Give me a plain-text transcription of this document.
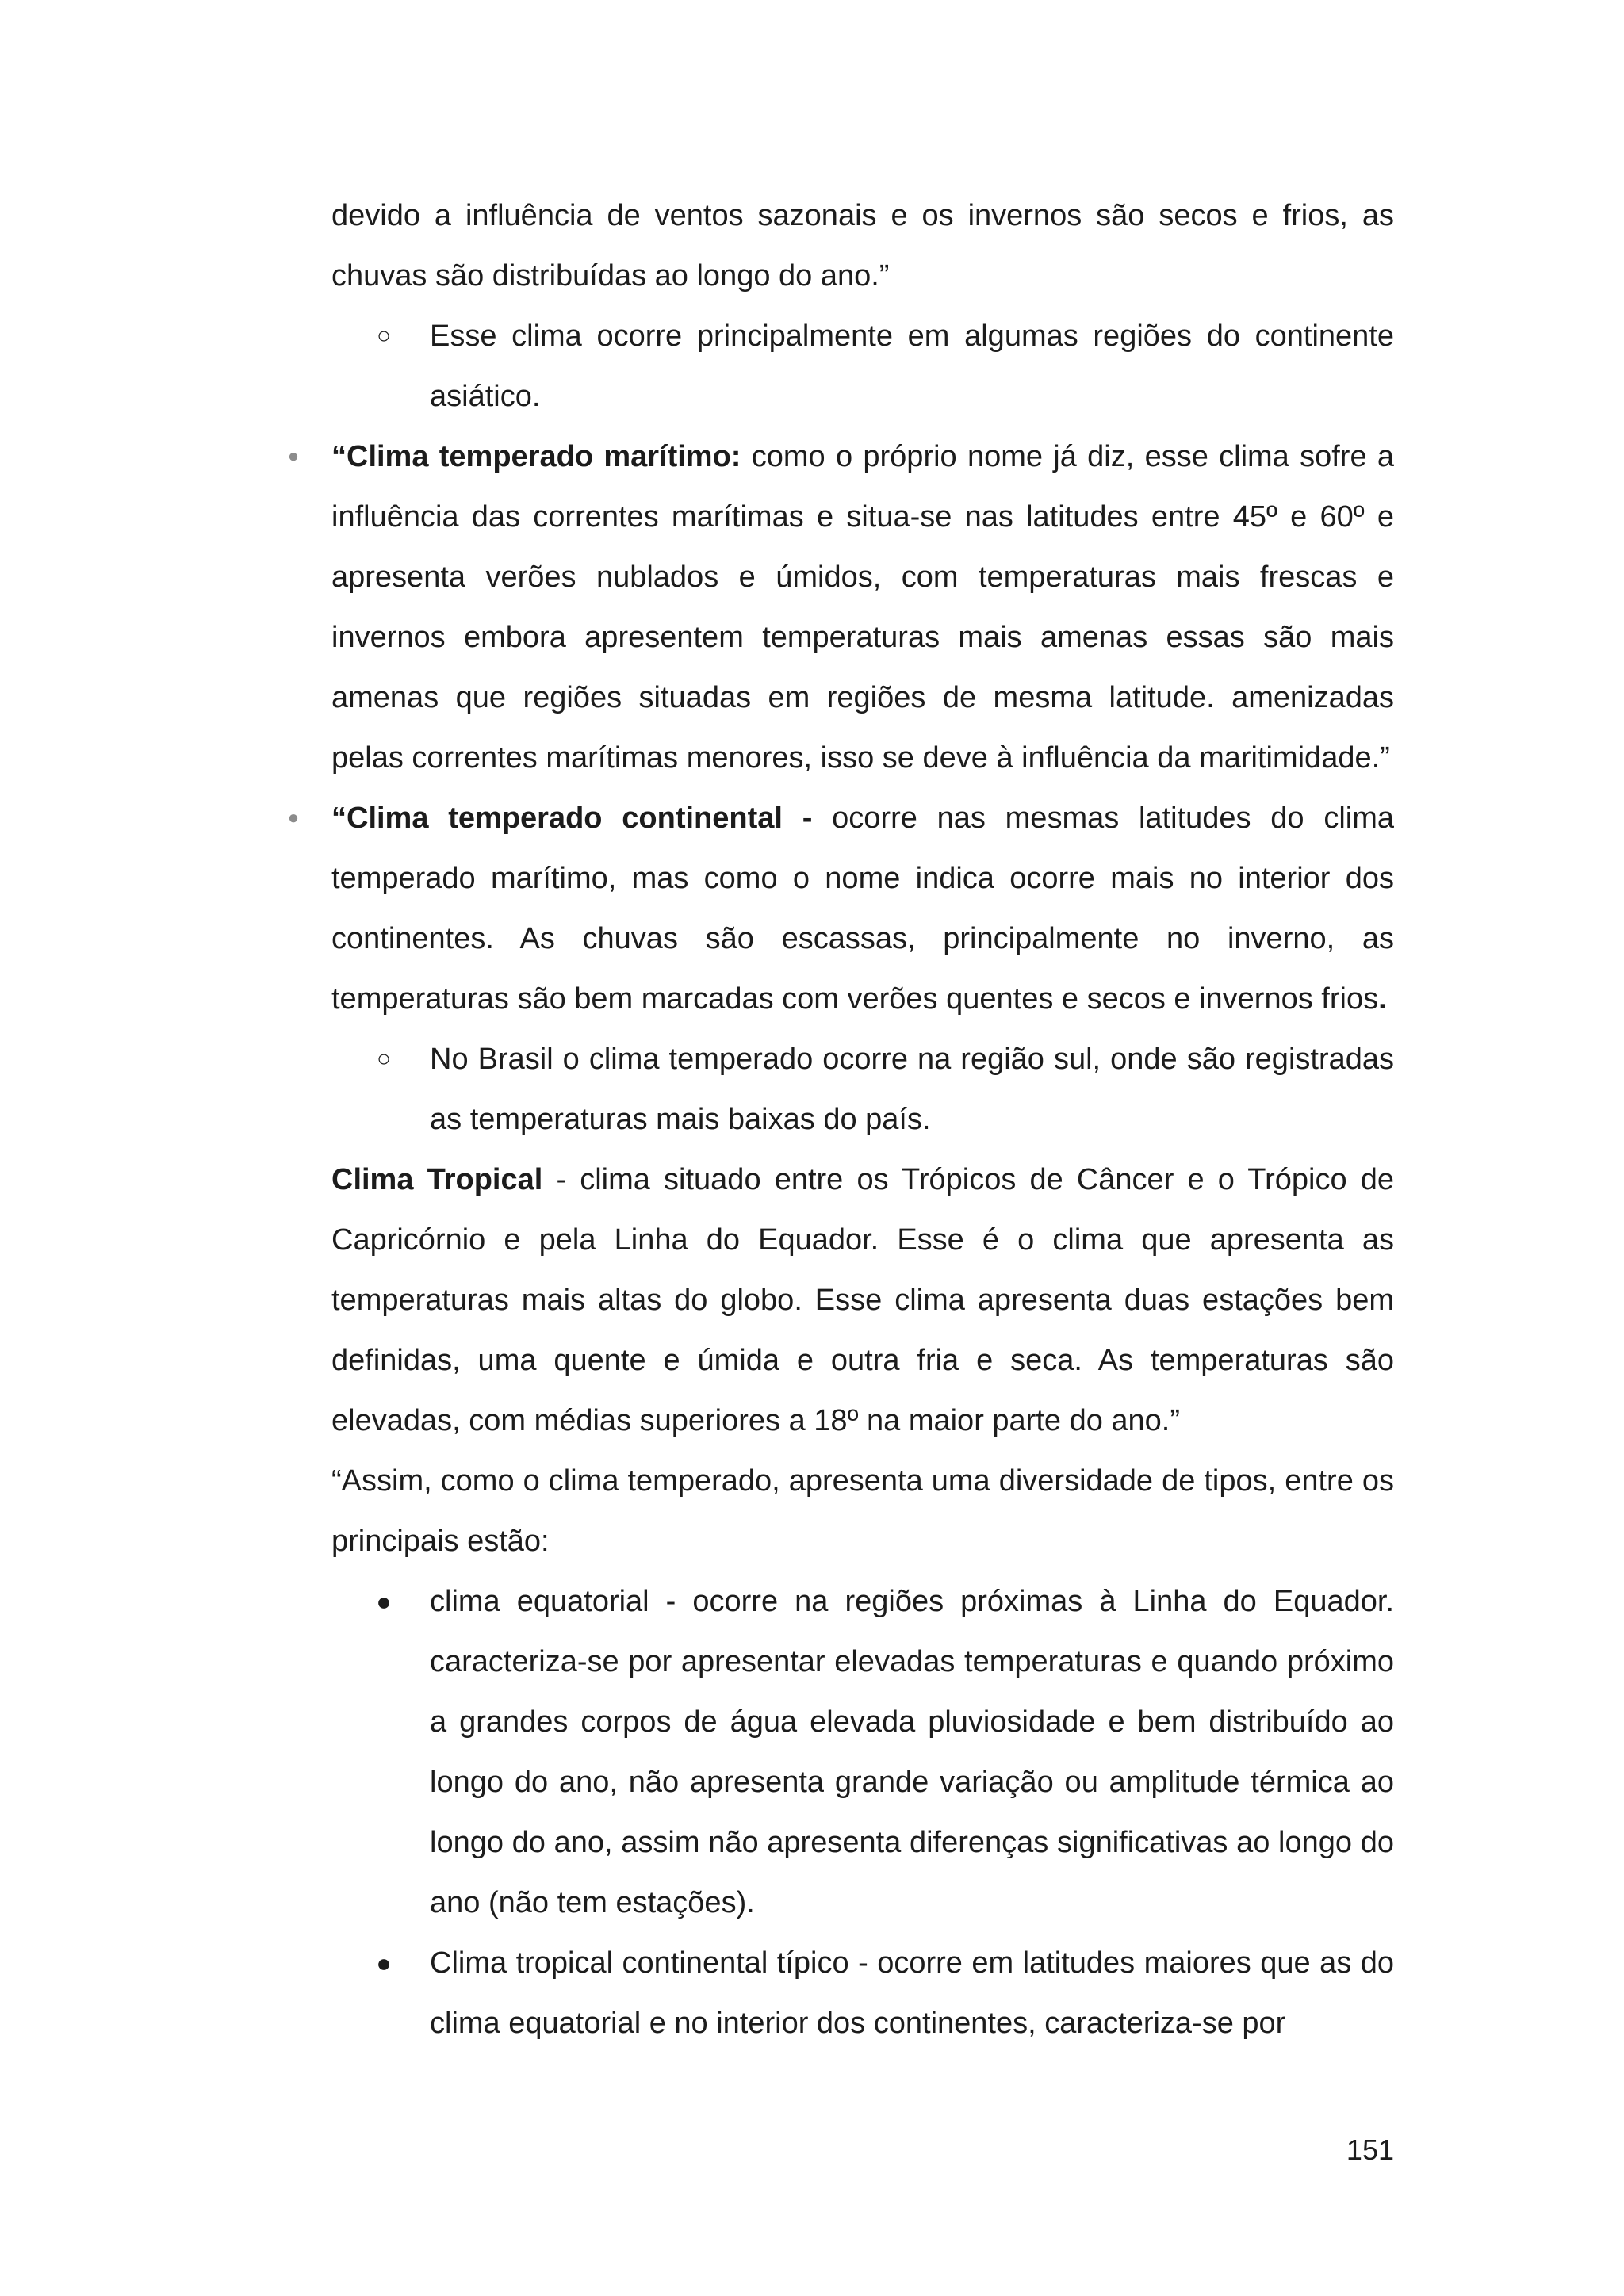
devido a influência de ventos sazonais e os invernos são secos e frios, as chuvas são distribuídas ao longo do ano.”

○ Esse clima ocorre principalmente em algumas regiões do continente asiático.

●	“Clima temperado marítimo: como o próprio nome já diz, esse clima sofre a influência das correntes marítimas e situa-se nas latitudes entre 45º e 60º e apresenta verões nublados e úmidos, com temperaturas mais frescas e invernos embora apresentem temperaturas mais amenas essas são mais amenas que regiões situadas em regiões de mesma latitude. amenizadas pelas correntes marítimas menores, isso se deve à influência da maritimidade.”

●	“Clima temperado continental - ocorre nas mesmas latitudes do clima temperado marítimo, mas como o nome indica ocorre mais no interior dos continentes. As chuvas são escassas, principalmente no inverno, as temperaturas são bem marcadas com verões quentes e secos e invernos frios.

○ No Brasil o clima temperado ocorre na região sul, onde são registradas as temperaturas mais baixas do país.

Clima Tropical - clima situado entre os Trópicos de Câncer e o Trópico de Capricórnio e pela Linha do Equador. Esse é o clima que apresenta as temperaturas mais altas do globo. Esse clima apresenta duas estações bem definidas, uma quente e úmida e outra fria e seca. As temperaturas são elevadas, com médias superiores a 18º na maior parte do ano.”

“Assim, como o clima temperado, apresenta uma diversidade de tipos, entre os principais estão:

● clima equatorial - ocorre na regiões próximas à Linha do Equador. caracteriza-se por apresentar elevadas temperaturas e quando próximo a grandes corpos de água elevada pluviosidade e bem distribuído ao longo do ano, não apresenta grande variação ou amplitude térmica ao longo do ano, assim não apresenta diferenças significativas ao longo do ano (não tem estações).

● Clima tropical continental típico - ocorre em latitudes maiores que as do clima equatorial e no interior dos continentes, caracteriza-se por

151
